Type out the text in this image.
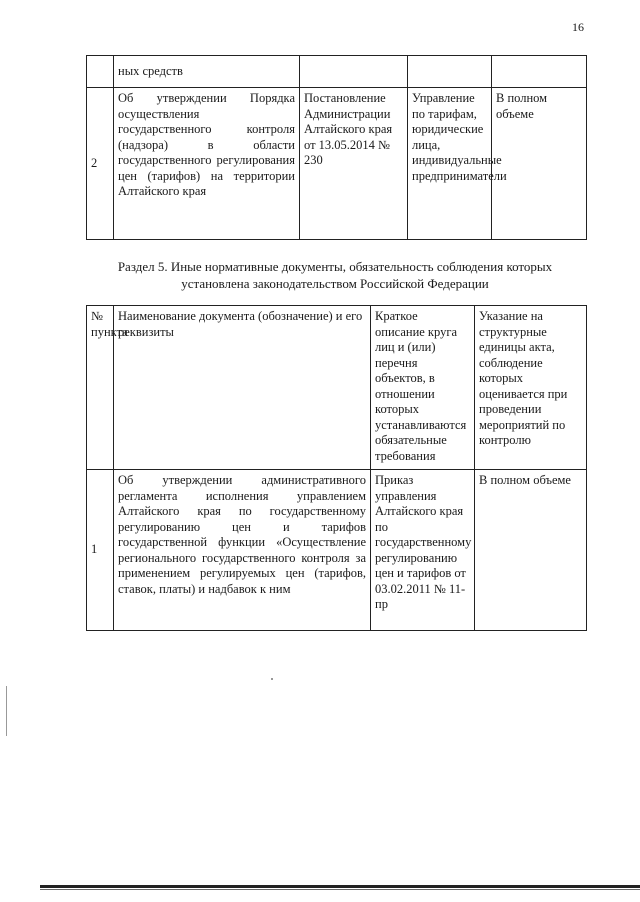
16
	ных средств			
2	Об утверждении Порядка осуществления государственного контроля (надзора) в области государственного регулирования цен (тарифов) на территории Алтайского края	Постановление Администрации Алтайского края от 13.05.2014 № 230	Управление по тарифам, юридические лица, индивидуальные предприниматели	В полном объеме
Раздел 5. Иные нормативные документы, обязательность соблюдения которых установлена законодательством Российской Федерации
№ пункта	Наименование документа (обозначение) и его реквизиты	Краткое описание круга лиц и (или) перечня объектов, в отношении которых устанавливаются обязательные требования	Указание на структурные единицы акта, соблюдение которых оценивается при проведении мероприятий по контролю
1	Об утверждении административного регламента исполнения управлением Алтайского края по государственному регулированию цен и тарифов государственной функции «Осуществление регионального государственного контроля за применением регулируемых цен (тарифов, ставок, платы) и надбавок к ним	Приказ управления Алтайского края по государственному регулированию цен и тарифов от 03.02.2011 № 11-пр	В полном объеме
